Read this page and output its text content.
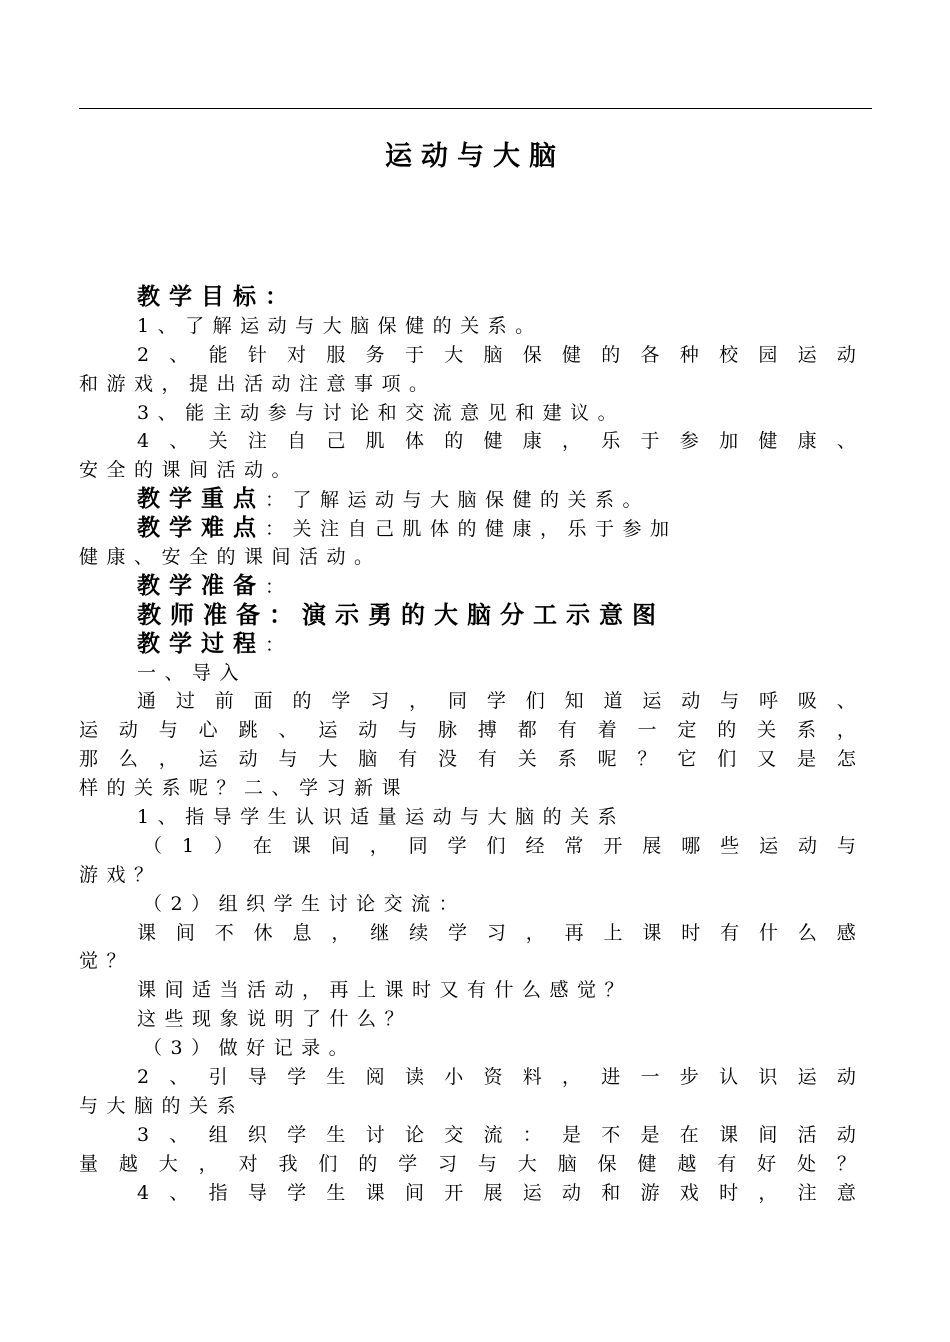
运动与大脑
教学目标：
1、了解运动与大脑保健的关系。
2 、 能 针 对 服 务 于 大 脑 保 健 的 各 种 校 园 运 动
和游戏，提出活动注意事项。
3、能主动参与讨论和交流意见和建议。
4 、 关 注 自 己 肌 体 的 健 康 ， 乐 于 参 加 健 康 、
安全的课间活动。
教学重点：了解运动与大脑保健的关系。
教学难点：关注自己肌体的健康，乐于参加
健康、安全的课间活动。
教学准备：
教师准备：演示勇的大脑分工示意图
教学过程：
一、导入
通 过 前 面 的 学 习 ， 同 学 们 知 道 运 动 与 呼 吸 、
运 动 与 心 跳 、 运 动 与 脉 搏 都 有 着 一 定 的 关 系 ，
那 么 ， 运 动 与 大 脑 有 没 有 关 系 呢 ？ 它 们 又 是 怎
样的关系呢？二、学习新课
1、指导学生认识适量运动与大脑的关系
（ 1 ） 在 课 间 ， 同 学 们 经 常 开 展 哪 些 运 动 与
游戏？
（2）组织学生讨论交流：
课 间 不 休 息 ， 继 续 学 习 ， 再 上 课 时 有 什 么 感
觉？
课间适当活动，再上课时又有什么感觉？
这些现象说明了什么？
（3）做好记录。
2 、 引 导 学 生 阅 读 小 资 料 ， 进 一 步 认 识 运 动
与大脑的关系
3 、 组 织 学 生 讨 论 交 流 ： 是 不 是 在 课 间 活 动
量 越 大 ， 对 我 们 的 学 习 与 大 脑 保 健 越 有 好 处 ？
4 、 指 导 学 生 课 间 开 展 运 动 和 游 戏 时 ， 注 意
